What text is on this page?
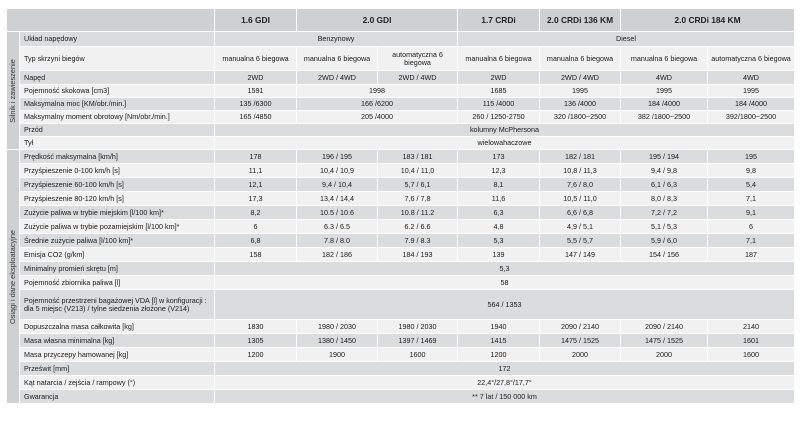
		1.6 GDI	2.0 GDI		1.7 CRDi	2.0 CRDi 136 KM	2.0 CRDi 184 KM	

Silnik i zawieszenie	Układ napędowy	Benzynowy			Diesel			
	Typ skrzyni biegów	manualna 6 biegowa	manualna 6 biegowa	automatyczna 6 biegowa	manualna 6 biegowa	manualna 6 biegowa	manualna 6 biegowa	automatyczna 6 biegowa
	Napęd	2WD	2WD / 4WD	2WD / 4WD	2WD	2WD / 4WD	4WD	4WD
	Pojemność skokowa [cm3]	1591	1998		1685	1995	1995	1995
	Maksymalna moc [KM/obr./min.]	135 /6300	166 /6200		115 /4000	136 /4000	184 /4000	184 /4000
	Maksymalny moment obrotowy [Nm/obr./min.]	165 /4850	205 /4000		260 / 1250-2750	320 /1800~2500	382 /1800~2500	392/1800~2500
	Przód	kolumny McPhersona						
	Tył	wielowahaczowe						

Osiągi i dane eksploatacyjne	Prędkość maksymalna [km/h]	178	196 / 195	183 / 181	173	182 / 181	195 / 194	195
	Przyśpieszenie 0-100 km/h [s]	11,1	10,4 / 10,9	10,4 / 11,0	12,3	10,8 / 11,3	9,4 / 9,8	9,8
	Przyśpieszenie 60-100 km/h [s]	12,1	9,4 / 10,4	5,7 / 6,1	8,1	7,6 / 8,0	6,1 / 6,3	5,4
	Przyśpieszenie 80-120 km/h [s]	17,3	13,4 / 14,4	7,6 / 7,8	11,6	10,5 / 11,0	8,0 / 8,3	7,1
	Zużycie paliwa w trybie miejskim [l/100 km]*	8,2	10.5 / 10.6	10.8 / 11.2	6,3	6,6 / 6,8	7,2 / 7,2	9,1
	Zużycie paliwa w trybie pozamiejskim [l/100 km]*	6	6.3 / 6.5	6.2 / 6.6	4,8	4,9 / 5,1	5,1 / 5,3	6
	Średnie zużycie paliwa [l/100 km]*	6,8	7.8 / 8.0	7.9 / 8.3	5,3	5,5 / 5,7	5,9 / 6,0	7,1
	Emisja CO2 (g/km]	158	182 / 186	184 / 193	139	147 / 149	154 / 156	187
	Minimalny promień skrętu [m]	5,3						
	Pojemność zbiornika paliwa [l]	58						
	Pojemność przestrzeni bagażowej VDA [l] w konfiguracji : dla 5 miejsc (V213) / tylne siedzenia złożone (V214)	564 / 1353						
	Dopuszczalna masa całkowita [kg]	1830	1980 / 2030	1980 / 2030	1940	2090 / 2140	2090 / 2140	2140
	Masa własna minimalna [kg]	1305	1380 / 1450	1397 / 1469	1415	1475 / 1525	1475 / 1525	1601
	Masa przyczepy hamowanej [kg]	1200	1900	1600	1200	2000	2000	1600
	Prześwit [mm]	172						
	Kąt natarcia / zejścia / rampowy (°)	22,4°/27,8°/17,7°						
	Gwarancja	** 7 lat / 150 000 km						
